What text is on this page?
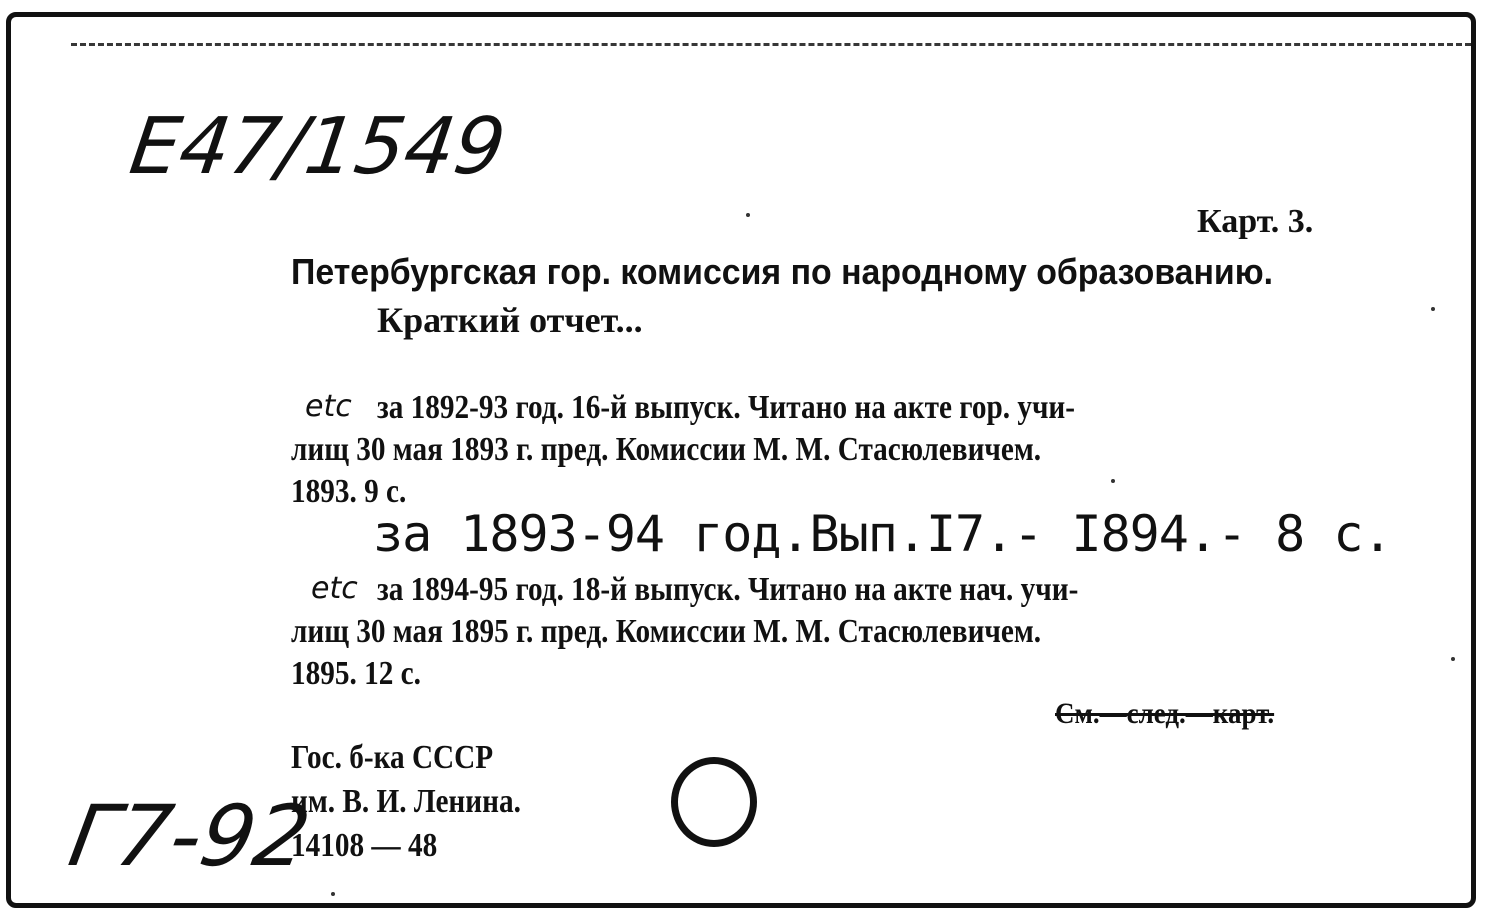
Е47/1549
Карт. 3.
Петербургская гор. комиссия по народному образованию.
Краткий отчет...
etc за 1892-93 год. 16-й выпуск. Читано на акте гор. учи-
лищ 30 мая 1893 г. пред. Комиссии М. М. Стасюлевичем.
1893. 9 с.
за 1893-94 год.Вып.I7.- I894.- 8 с.
etc за 1894-95 год. 18-й выпуск. Читано на акте нач. учи-
лищ 30 мая 1895 г. пред. Комиссии М. М. Стасюлевичем.
1895. 12 с.
См.—след.—карт.
Гос. б-ка СССР
им. В. И. Ленина.
14108 — 48
Г7-92
